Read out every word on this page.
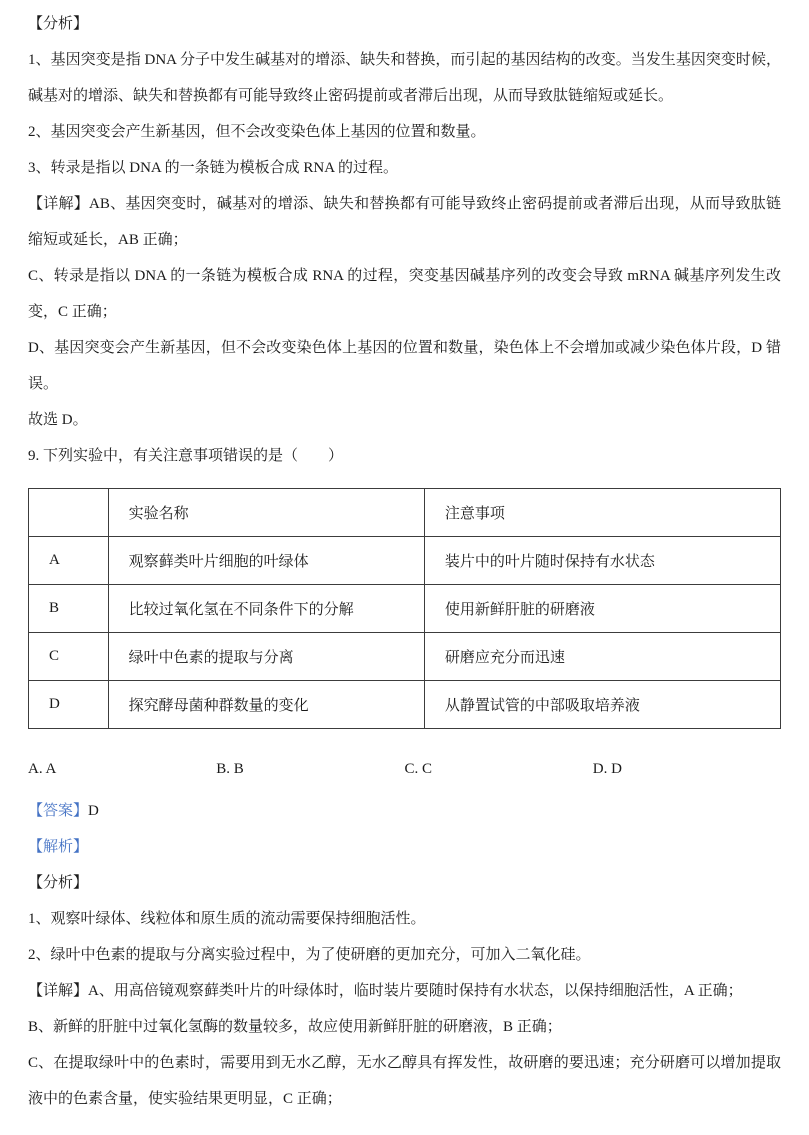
【分析】

1、基因突变是指 DNA 分子中发生碱基对的增添、缺失和替换，而引起的基因结构的改变。当发生基因突变时候，碱基对的增添、缺失和替换都有可能导致终止密码提前或者滞后出现，从而导致肽链缩短或延长。

2、基因突变会产生新基因，但不会改变染色体上基因的位置和数量。

3、转录是指以 DNA 的一条链为模板合成 RNA 的过程。

【详解】AB、基因突变时，碱基对的增添、缺失和替换都有可能导致终止密码提前或者滞后出现，从而导致肽链缩短或延长，AB 正确；

C、转录是指以 DNA 的一条链为模板合成 RNA 的过程，突变基因碱基序列的改变会导致 mRNA 碱基序列发生改变，C 正确；

D、基因突变会产生新基因，但不会改变染色体上基因的位置和数量，染色体上不会增加或减少染色体片段，D 错误。

故选 D。

9. 下列实验中，有关注意事项错误的是（　　）

	实验名称	注意事项
A	观察藓类叶片细胞的叶绿体	装片中的叶片随时保持有水状态
B	比较过氧化氢在不同条件下的分解	使用新鲜肝脏的研磨液
C	绿叶中色素的提取与分离	研磨应充分而迅速
D	探究酵母菌种群数量的变化	从静置试管的中部吸取培养液
A. A	B. B	C. C	D. D

【答案】D

【解析】

【分析】

1、观察叶绿体、线粒体和原生质的流动需要保持细胞活性。

2、绿叶中色素的提取与分离实验过程中，为了使研磨的更加充分，可加入二氧化硅。

【详解】A、用高倍镜观察藓类叶片的叶绿体时，临时装片要随时保持有水状态，以保持细胞活性，A 正确；

B、新鲜的肝脏中过氧化氢酶的数量较多，故应使用新鲜肝脏的研磨液，B 正确；

C、在提取绿叶中的色素时，需要用到无水乙醇，无水乙醇具有挥发性，故研磨的要迅速；充分研磨可以增加提取液中的色素含量，使实验结果更明显，C 正确；
